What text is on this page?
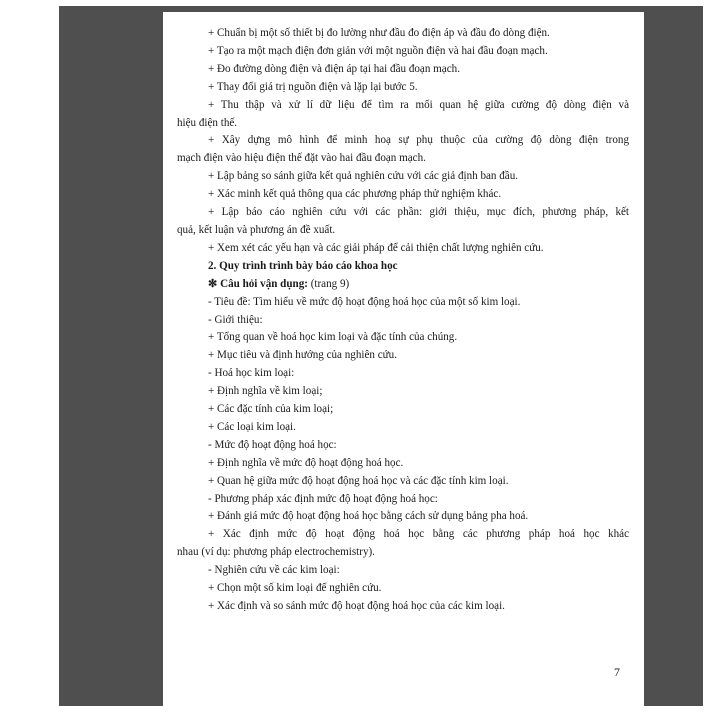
+ Chuẩn bị một số thiết bị đo lường như đầu đo điện áp và đầu đo dòng điện.
+ Tạo ra một mạch điện đơn giản với một nguồn điện và hai đầu đoạn mạch.
+ Đo đường dòng điện và điện áp tại hai đầu đoạn mạch.
+ Thay đổi giá trị nguồn điện và lặp lại bước 5.
+ Thu thập và xử lí dữ liệu để tìm ra mối quan hệ giữa cường độ dòng điện và
hiệu điện thế.
+ Xây dựng mô hình để minh hoạ sự phụ thuộc của cường độ dòng điện trong
mạch điện vào hiệu điện thế đặt vào hai đầu đoạn mạch.
+ Lập bảng so sánh giữa kết quả nghiên cứu với các giả định ban đầu.
+ Xác minh kết quả thông qua các phương pháp thử nghiệm khác.
+ Lập báo cáo nghiên cứu với các phần: giới thiệu, mục đích, phương pháp, kết
quả, kết luận và phương án đề xuất.
+ Xem xét các yếu hạn và các giải pháp để cải thiện chất lượng nghiên cứu.
2. Quy trình trình bày báo cáo khoa học
✼ Câu hỏi vận dụng: (trang 9)
- Tiêu đề: Tìm hiểu về mức độ hoạt động hoá học của một số kim loại.
- Giới thiệu:
+ Tổng quan về hoá học kim loại và đặc tính của chúng.
+ Mục tiêu và định hướng của nghiên cứu.
- Hoá học kim loại:
+ Định nghĩa về kim loại;
+ Các đặc tính của kim loại;
+ Các loại kim loại.
- Mức độ hoạt động hoá học:
+ Định nghĩa về mức độ hoạt động hoá học.
+ Quan hệ giữa mức độ hoạt động hoá học và các đặc tính kim loại.
- Phương pháp xác định mức độ hoạt động hoá học:
+ Đánh giá mức độ hoạt động hoá học bằng cách sử dụng bảng pha hoá.
+ Xác định mức độ hoạt động hoá học bằng các phương pháp hoá học khác
nhau (ví dụ: phương pháp electrochemistry).
- Nghiên cứu về các kim loại:
+ Chọn một số kim loại để nghiên cứu.
+ Xác định và so sánh mức độ hoạt động hoá học của các kim loại.
7
